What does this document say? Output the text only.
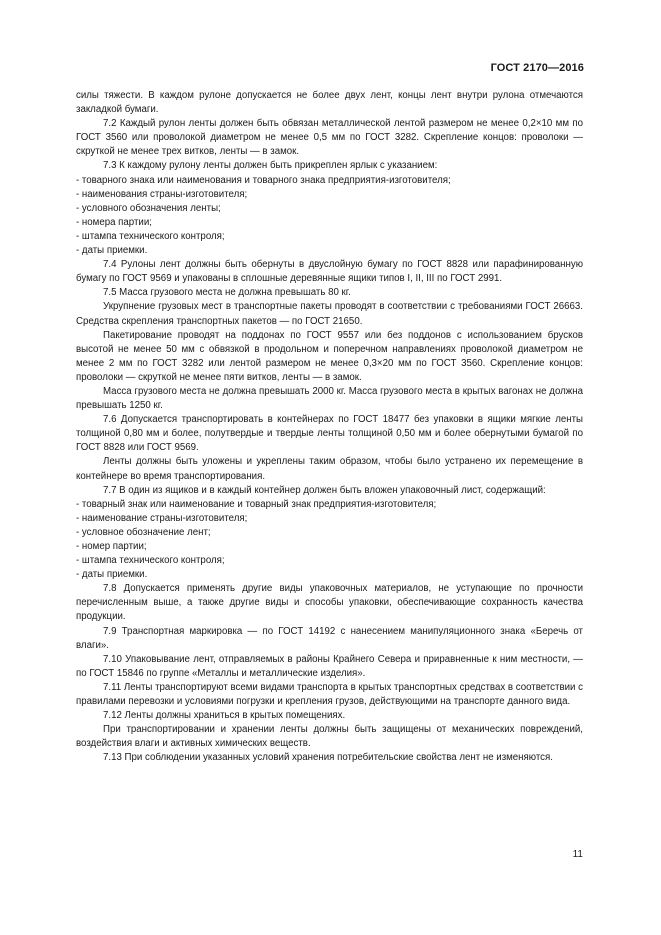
ГОСТ 2170—2016

силы тяжести. В каждом рулоне допускается не более двух лент, концы лент внутри рулона отмечаются закладкой бумаги.

7.2 Каждый рулон ленты должен быть обвязан металлической лентой размером не менее 0,2×10 мм по ГОСТ 3560 или проволокой диаметром не менее 0,5 мм по ГОСТ 3282. Скрепление концов: проволоки — скруткой не менее трех витков, ленты — в замок.

7.3 К каждому рулону ленты должен быть прикреплен ярлык с указанием:

- товарного знака или наименования и товарного знака предприятия-изготовителя;

- наименования страны-изготовителя;

- условного обозначения ленты;

- номера партии;

- штампа технического контроля;

- даты приемки.

7.4 Рулоны лент должны быть обернуты в двуслойную бумагу по ГОСТ 8828 или парафинированную бумагу по ГОСТ 9569 и упакованы в сплошные деревянные ящики типов I, II, III по ГОСТ 2991.

7.5 Масса грузового места не должна превышать 80 кг.

Укрупнение грузовых мест в транспортные пакеты проводят в соответствии с требованиями ГОСТ 26663. Средства скрепления транспортных пакетов — по ГОСТ 21650.

Пакетирование проводят на поддонах по ГОСТ 9557 или без поддонов с использованием брусков высотой не менее 50 мм с обвязкой в продольном и поперечном направлениях проволокой диаметром не менее 2 мм по ГОСТ 3282 или лентой размером не менее 0,3×20 мм по ГОСТ 3560. Скрепление концов: проволоки — скруткой не менее пяти витков, ленты — в замок.

Масса грузового места не должна превышать 2000 кг. Масса грузового места в крытых вагонах не должна превышать 1250 кг.

7.6 Допускается транспортировать в контейнерах по ГОСТ 18477 без упаковки в ящики мягкие ленты толщиной 0,80 мм и более, полутвердые и твердые ленты толщиной 0,50 мм и более обернутыми бумагой по ГОСТ 8828 или ГОСТ 9569.

Ленты должны быть уложены и укреплены таким образом, чтобы было устранено их перемещение в контейнере во время транспортирования.

7.7 В один из ящиков и в каждый контейнер должен быть вложен упаковочный лист, содержащий:

- товарный знак или наименование и товарный знак предприятия-изготовителя;

- наименование страны-изготовителя;

- условное обозначение лент;

- номер партии;

- штампа технического контроля;

- даты приемки.

7.8 Допускается применять другие виды упаковочных материалов, не уступающие по прочности перечисленным выше, а также другие виды и способы упаковки, обеспечивающие сохранность качества продукции.

7.9 Транспортная маркировка — по ГОСТ 14192 с нанесением манипуляционного знака «Беречь от влаги».

7.10 Упаковывание лент, отправляемых в районы Крайнего Севера и приравненные к ним местности, — по ГОСТ 15846 по группе «Металлы и металлические изделия».

7.11 Ленты транспортируют всеми видами транспорта в крытых транспортных средствах в соответствии с правилами перевозки и условиями погрузки и крепления грузов, действующими на транспорте данного вида.

7.12 Ленты должны храниться в крытых помещениях.

При транспортировании и хранении ленты должны быть защищены от механических повреждений, воздействия влаги и активных химических веществ.

7.13 При соблюдении указанных условий хранения потребительские свойства лент не изменяются.

11
